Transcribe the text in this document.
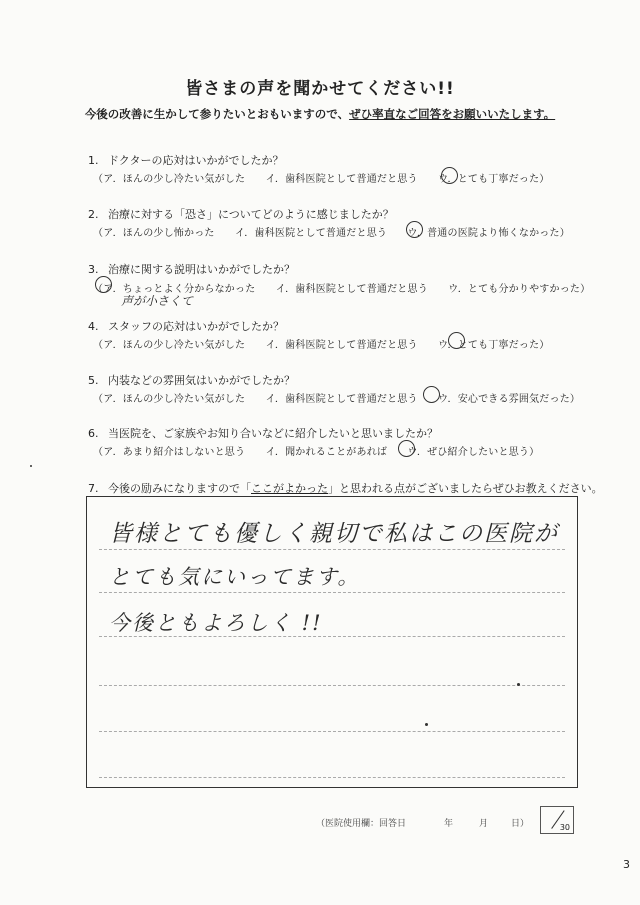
皆さまの声を聞かせてください!!
今後の改善に生かして参りたいとおもいますので、ぜひ率直なご回答をお願いいたします。
1. ドクターの応対はいかがでしたか？
（ア．ほんの少し冷たい気がした　　イ．歯科医院として普通だと思う　　ウ．とても丁寧だった）
2. 治療に対する「恐さ」についてどのように感じましたか？
（ア．ほんの少し怖かった　　イ．歯科医院として普通だと思う　　ウ．普通の医院より怖くなかった）
3. 治療に関する説明はいかがでしたか？
（ア．ちょっとよく分からなかった　　イ．歯科医院として普通だと思う　　ウ．とても分かりやすかった）
声が小さくて
4. スタッフの応対はいかがでしたか？
（ア．ほんの少し冷たい気がした　　イ．歯科医院として普通だと思う　　ウ．とても丁寧だった）
5. 内装などの雰囲気はいかがでしたか？
（ア．ほんの少し冷たい気がした　　イ．歯科医院として普通だと思う　　ウ．安心できる雰囲気だった）
6. 当医院を、ご家族やお知り合いなどに紹介したいと思いましたか？
（ア．あまり紹介はしないと思う　　イ．聞かれることがあれば　　ウ．ぜひ紹介したいと思う）
7. 今後の励みになりますので「ここがよかった」と思われる点がございましたらぜひお教えください。
皆様とても優しく親切で私はこの医院が
とても気にいってます。
今後ともよろしく !!
（医院使用欄：回答日	年	月	日）	30
3
